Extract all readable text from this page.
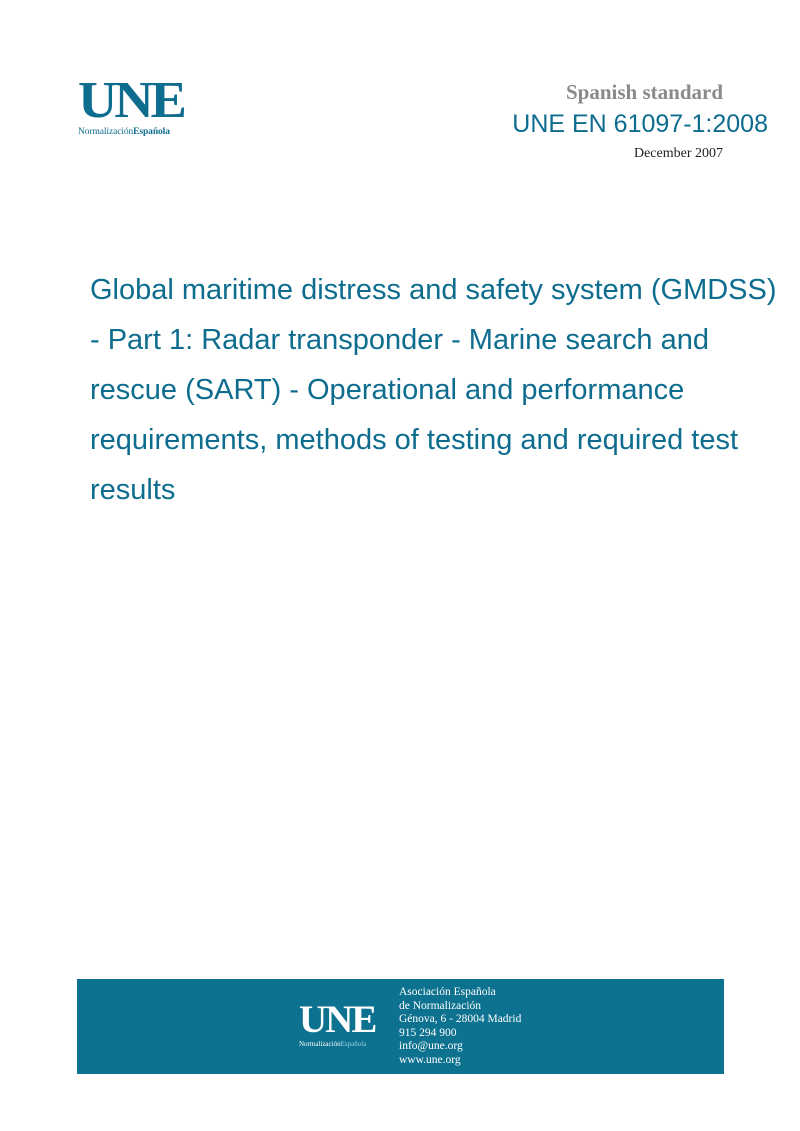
UNE
NormalizaciónEspañola
Spanish standard
UNE EN 61097-1:2008
December 2007
Global maritime distress and safety system (GMDSS) - Part 1: Radar transponder - Marine search and rescue (SART) - Operational and performance requirements, methods of testing and required test results
UNE
NormalizaciónEspañola
Asociación Española
de Normalización
Génova, 6 - 28004 Madrid
915 294 900
info@une.org
www.une.org
